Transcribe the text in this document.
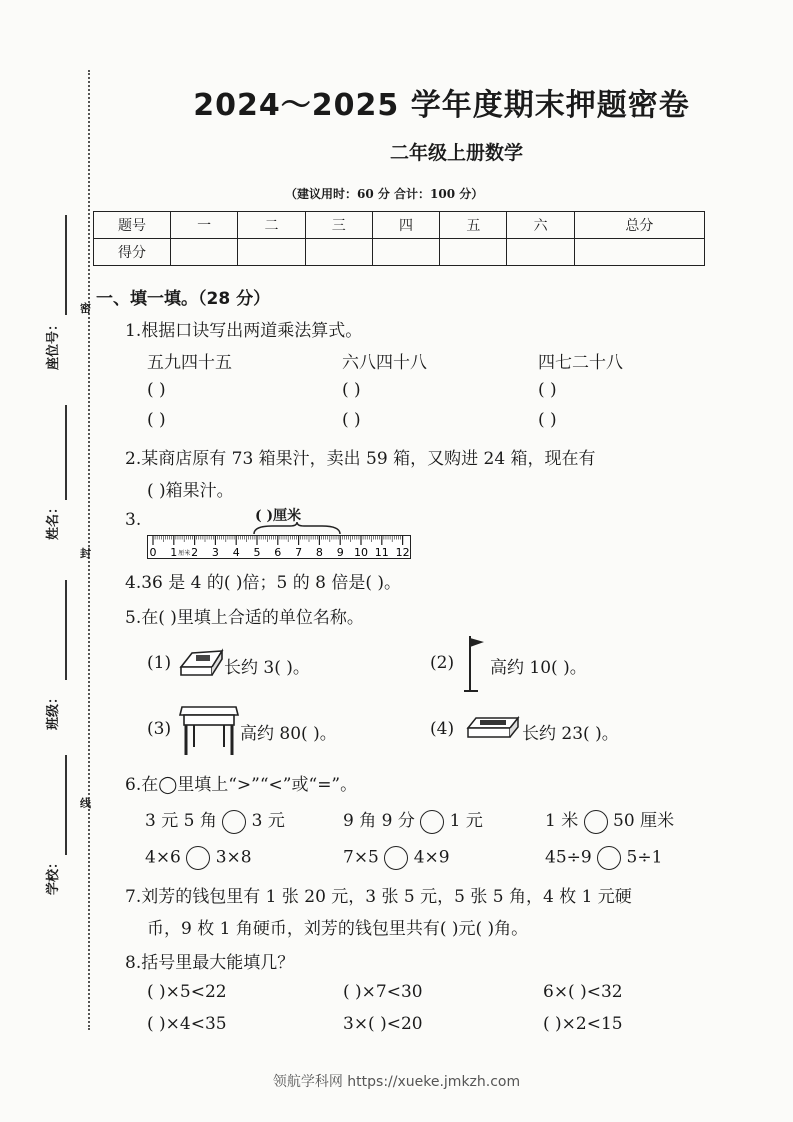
2024～2025 学年度期末押题密卷
二年级上册数学
（建议用时：60 分 合计：100 分）
题号	一	二	三	四	五	六	总分
得分							
密
封
线
座位号：
姓名：
班级：
学校：
一、填一填。（28 分）
1.根据口诀写出两道乘法算式。
五九四十五	六八四十八	四七二十八
( )	( )	( )
( )	( )	( )
2.某商店原有 73 箱果汁，卖出 59 箱，又购进 24 箱，现在有
( )箱果汁。
3.	( )厘米
0 1 2 3 4 5 6 7 8 9 10 11 12
厘米
4.36 是 4 的( )倍；5 的 8 倍是( )。
5.在( )里填上合适的单位名称。
(1)	长约 3( )。	(2) 高约 10( )。
(3)	高约 80( )。	(4)	长约 23( )。
6.在◯里填上“>”“<”或“=”。
3 元 5 角 3 元	9 角 9 分 1 元	1 米 50 厘米
4×6 3×8	7×5 4×9	45÷9 5÷1
7.刘芳的钱包里有 1 张 20 元，3 张 5 元，5 张 5 角，4 枚 1 元硬
币，9 枚 1 角硬币，刘芳的钱包里共有( )元( )角。
8.括号里最大能填几？
( )×5<22	( )×7<30	6×( )<32
( )×4<35	3×( )<20	( )×2<15
领航学科网 https://xueke.jmkzh.com
